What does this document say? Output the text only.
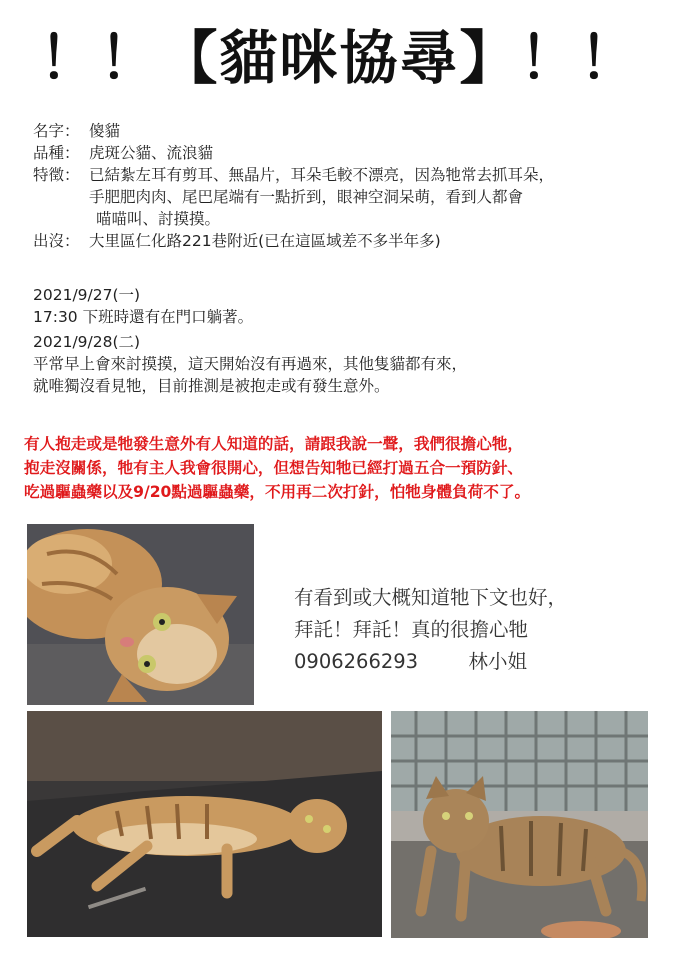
！！【貓咪協尋】！！
名字： 傻貓
品種： 虎斑公貓、流浪貓
特徵： 已結紮左耳有剪耳、無晶片，耳朵毛較不漂亮，因為牠常去抓耳朵，
手肥肥肉肉、尾巴尾端有一點折到，眼神空洞呆萌，看到人都會
喵喵叫、討摸摸。
出沒： 大里區仁化路221巷附近(已在這區域差不多半年多)
2021/9/27(一)
17:30 下班時還有在門口躺著。
2021/9/28(二)
平常早上會來討摸摸，這天開始沒有再過來，其他隻貓都有來，
就唯獨沒看見牠，目前推測是被抱走或有發生意外。
有人抱走或是牠發生意外有人知道的話，請跟我說一聲，我們很擔心牠，
抱走沒關係，牠有主人我會很開心，但想告知牠已經打過五合一預防針、
吃過驅蟲藥以及9/20點過驅蟲藥，不用再二次打針，怕牠身體負荷不了。
有看到或大概知道牠下文也好，
拜託！拜託！真的很擔心牠
0906266293	林小姐
